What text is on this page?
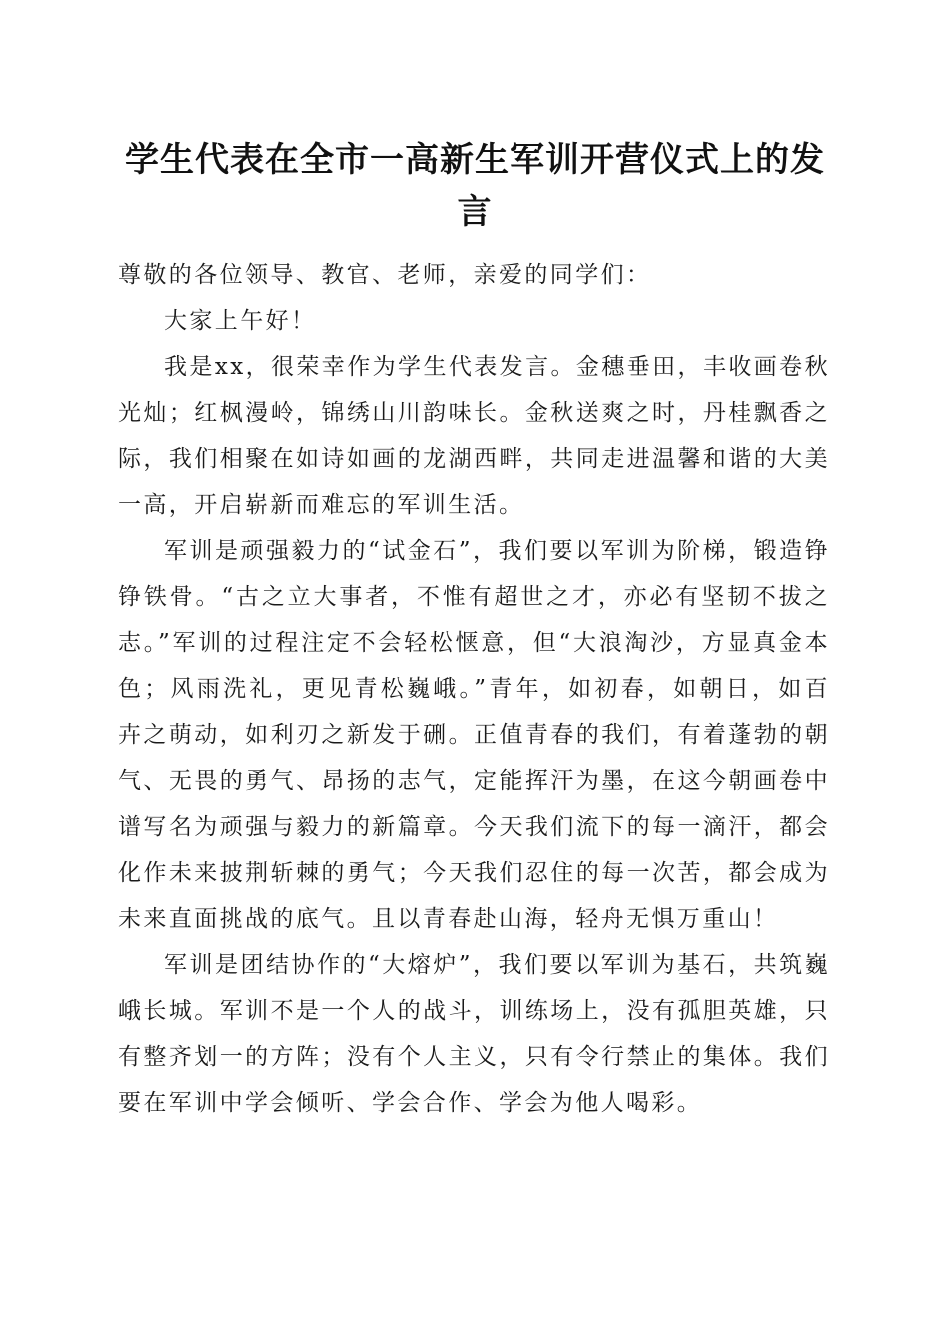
学生代表在全市一高新生军训开营仪式上的发言

尊敬的各位领导、教官、老师，亲爱的同学们：

大家上午好！

我是xx，很荣幸作为学生代表发言。金穗垂田，丰收画卷秋光灿；红枫漫岭，锦绣山川韵味长。金秋送爽之时，丹桂飘香之际，我们相聚在如诗如画的龙湖西畔，共同走进温馨和谐的大美一高，开启崭新而难忘的军训生活。

军训是顽强毅力的“试金石”，我们要以军训为阶梯，锻造铮铮铁骨。“古之立大事者，不惟有超世之才，亦必有坚韧不拔之志。”军训的过程注定不会轻松惬意，但“大浪淘沙，方显真金本色；风雨洗礼，更见青松巍峨。”青年，如初春，如朝日，如百卉之萌动，如利刃之新发于硎。正值青春的我们，有着蓬勃的朝气、无畏的勇气、昂扬的志气，定能挥汗为墨，在这今朝画卷中谱写名为顽强与毅力的新篇章。今天我们流下的每一滴汗，都会化作未来披荆斩棘的勇气；今天我们忍住的每一次苦，都会成为未来直面挑战的底气。且以青春赴山海，轻舟无惧万重山！

军训是团结协作的“大熔炉”，我们要以军训为基石，共筑巍峨长城。军训不是一个人的战斗，训练场上，没有孤胆英雄，只有整齐划一的方阵；没有个人主义，只有令行禁止的集体。我们要在军训中学会倾听、学会合作、学会为他人喝彩。
